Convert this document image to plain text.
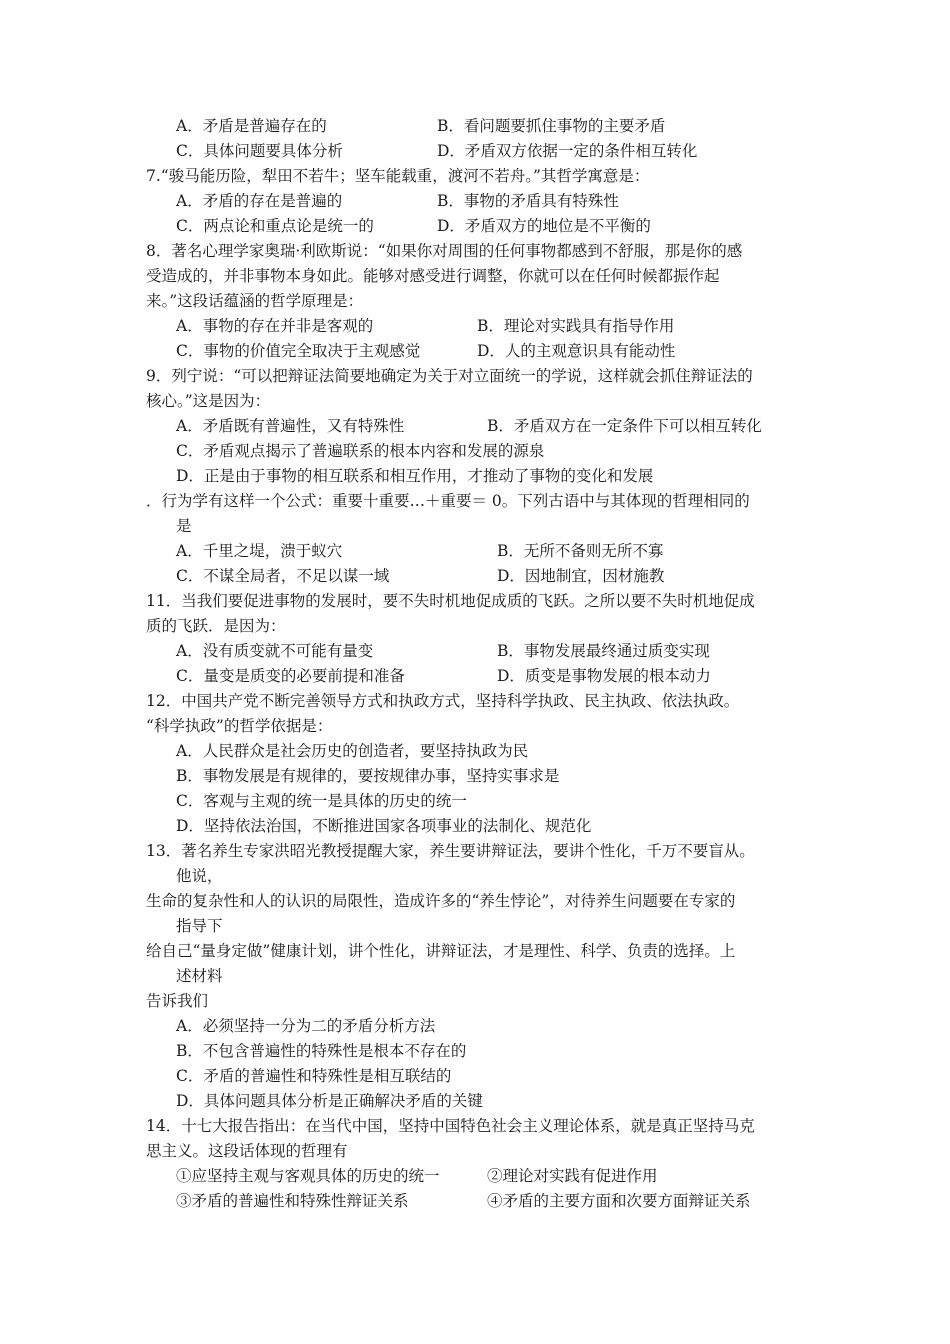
A．矛盾是普遍存在的	B．看问题要抓住事物的主要矛盾
C．具体问题要具体分析	D．矛盾双方依据一定的条件相互转化
7.“骏马能历险，犁田不若牛；坚车能载重，渡河不若舟。”其哲学寓意是：
A．矛盾的存在是普遍的	B．事物的矛盾具有特殊性
C．两点论和重点论是统一的	D．矛盾双方的地位是不平衡的
8．著名心理学家奥瑞·利欧斯说：“如果你对周围的任何事物都感到不舒服，那是你的感
受造成的，并非事物本身如此。能够对感受进行调整，你就可以在任何时候都振作起
来。”这段话蕴涵的哲学原理是：
A．事物的存在并非是客观的	B．理论对实践具有指导作用
C．事物的价值完全取决于主观感觉	D．人的主观意识具有能动性
9．列宁说：“可以把辩证法简要地确定为关于对立面统一的学说，这样就会抓住辩证法的
核心。”这是因为：
A．矛盾既有普遍性，又有特殊性	B．矛盾双方在一定条件下可以相互转化
C．矛盾观点揭示了普遍联系的根本内容和发展的源泉
D．正是由于事物的相互联系和相互作用，才推动了事物的变化和发展
．行为学有这样一个公式：重要十重要…＋重要＝ 0。下列古语中与其体现的哲理相同的
是
A．千里之堤，溃于蚁穴	B．无所不备则无所不寡
C．不谋全局者，不足以谋一域	D．因地制宜，因材施教
11．当我们要促进事物的发展时，要不失时机地促成质的飞跃。之所以要不失时机地促成
质的飞跃．是因为：
A．没有质变就不可能有量变	B．事物发展最终通过质变实现
C．量变是质变的必要前提和准备	D．质变是事物发展的根本动力
12．中国共产党不断完善领导方式和执政方式，坚持科学执政、民主执政、依法执政。
“科学执政”的哲学依据是：
A．人民群众是社会历史的创造者，要坚持执政为民
B．事物发展是有规律的，要按规律办事，坚持实事求是
C．客观与主观的统一是具体的历史的统一
D．坚持依法治国，不断推进国家各项事业的法制化、规范化
13．著名养生专家洪昭光教授提醒大家，养生要讲辩证法，要讲个性化，千万不要盲从。
他说，
生命的复杂性和人的认识的局限性，造成许多的“养生悖论”，对待养生问题要在专家的
指导下
给自己“量身定做”健康计划，讲个性化，讲辩证法，才是理性、科学、负责的选择。上
述材料
告诉我们
A．必须坚持一分为二的矛盾分析方法
B．不包含普遍性的特殊性是根本不存在的
C．矛盾的普遍性和特殊性是相互联结的
D．具体问题具体分析是正确解决矛盾的关键
14．十七大报告指出：在当代中国，坚持中国特色社会主义理论体系，就是真正坚持马克
思主义。这段话体现的哲理有
①应坚持主观与客观具体的历史的统一	②理论对实践有促进作用
③矛盾的普遍性和特殊性辩证关系	④矛盾的主要方面和次要方面辩证关系
